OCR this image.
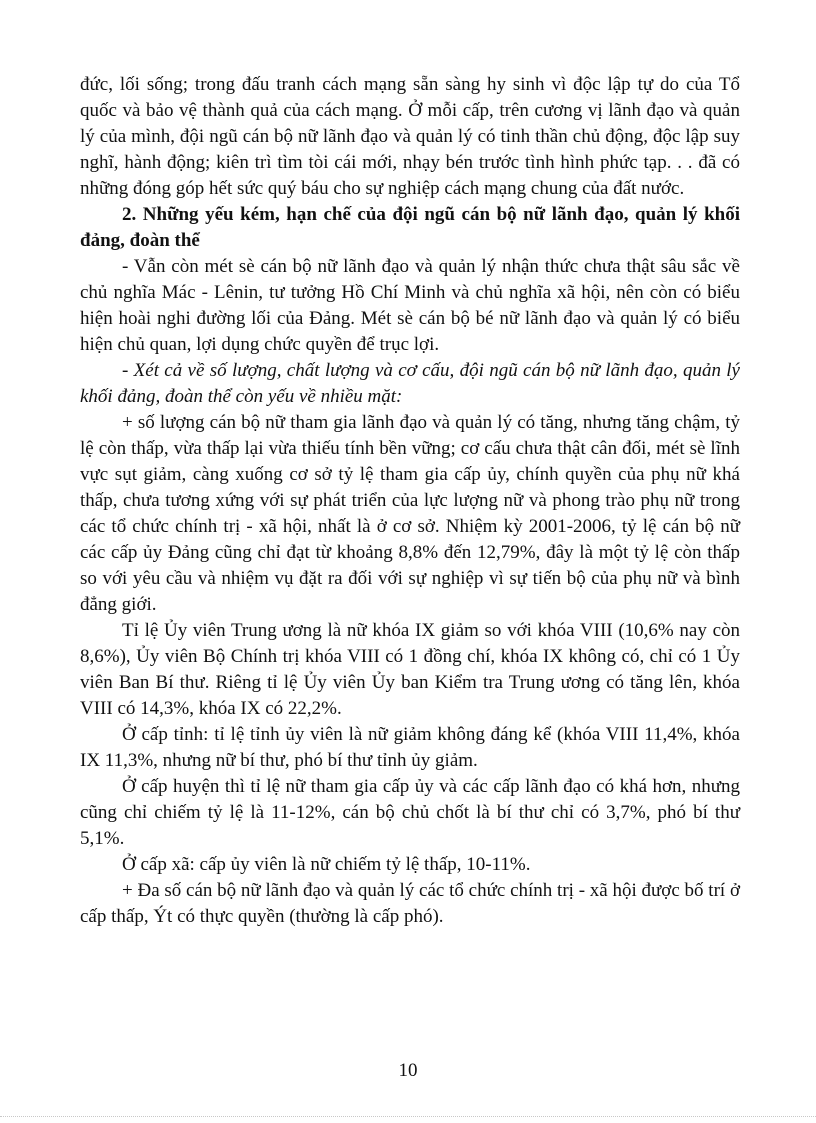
đức, lối sống; trong đấu tranh cách mạng sẵn sàng hy sinh vì độc lập tự do của Tổ quốc và bảo vệ thành quả của cách mạng. Ở mỗi cấp, trên cương vị lãnh đạo và quản lý của mình, đội ngũ cán bộ nữ lãnh đạo và quản lý có tinh thần chủ động, độc lập suy nghĩ, hành động; kiên trì tìm tòi cái mới, nhạy bén trước tình hình phức tạp. . . đã có những đóng góp hết sức quý báu cho sự nghiệp cách mạng chung của đất nước.

2. Những yếu kém, hạn chế của đội ngũ cán bộ nữ lãnh đạo, quản lý khối đảng, đoàn thể

- Vẫn còn mét sè cán bộ nữ lãnh đạo và quản lý nhận thức chưa thật sâu sắc về chủ nghĩa Mác - Lênin, tư tưởng Hồ Chí Minh và chủ nghĩa xã hội, nên còn có biểu hiện hoài nghi đường lối của Đảng. Mét sè cán bộ bé nữ lãnh đạo và quản lý có biểu hiện chủ quan, lợi dụng chức quyền để trục lợi.

- Xét cả về số lượng, chất lượng và cơ cấu, đội ngũ cán bộ nữ lãnh đạo, quản lý khối đảng, đoàn thể còn yếu về nhiều mặt:

+ số lượng cán bộ nữ tham gia lãnh đạo và quản lý có tăng, nhưng tăng chậm, tỷ lệ còn thấp, vừa thấp lại vừa thiếu tính bền vững; cơ cấu chưa thật cân đối, mét sè lĩnh vực sụt giảm, càng xuống cơ sở tỷ lệ tham gia cấp ủy, chính quyền của phụ nữ khá thấp, chưa tương xứng với sự phát triển của lực lượng nữ và phong trào phụ nữ trong các tổ chức chính trị - xã hội, nhất là ở cơ sở. Nhiệm kỳ 2001-2006, tỷ lệ cán bộ nữ các cấp ủy Đảng cũng chỉ đạt từ khoảng 8,8% đến 12,79%, đây là một tỷ lệ còn thấp so với yêu cầu và nhiệm vụ đặt ra đối với sự nghiệp vì sự tiến bộ của phụ nữ và bình đẳng giới.

Tỉ lệ Ủy viên Trung ương là nữ khóa IX giảm so với khóa VIII (10,6% nay còn 8,6%), Ủy viên Bộ Chính trị khóa VIII có 1 đồng chí, khóa IX không có, chỉ có 1 Ủy viên Ban Bí thư. Riêng tỉ lệ Ủy viên Ủy ban Kiểm tra Trung ương có tăng lên, khóa VIII có 14,3%, khóa IX có 22,2%.

Ở cấp tỉnh: tỉ lệ tỉnh ủy viên là nữ giảm không đáng kể (khóa VIII 11,4%, khóa IX 11,3%, nhưng nữ bí thư, phó bí thư tỉnh ủy giảm.

Ở cấp huyện thì tỉ lệ nữ tham gia cấp ủy và các cấp lãnh đạo có khá hơn, nhưng cũng chỉ chiếm tỷ lệ là 11-12%, cán bộ chủ chốt là bí thư chỉ có 3,7%, phó bí thư 5,1%.

Ở cấp xã: cấp ủy viên là nữ chiếm tỷ lệ thấp, 10-11%.

+ Đa số cán bộ nữ lãnh đạo và quản lý các tổ chức chính trị - xã hội được bố trí ở cấp thấp, Ýt có thực quyền (thường là cấp phó).

10
